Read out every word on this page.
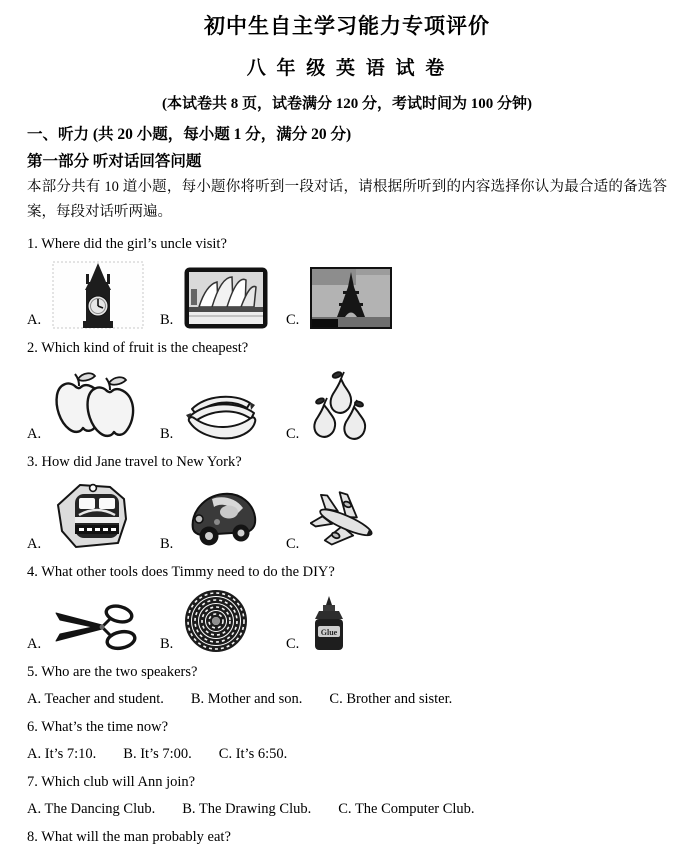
初中生自主学习能力专项评价
八 年 级 英 语 试 卷
(本试卷共 8 页，试卷满分 120 分，考试时间为 100 分钟)
一、听力 (共 20 小题，每小题 1 分，满分 20 分)
第一部分 听对话回答问题
本部分共有 10 道小题，每小题你将听到一段对话，请根据所听到的内容选择你认为最合适的备选答案，每段对话听两遍。
1. Where did the girl’s uncle visit?
A.	B.	C.
2. Which kind of fruit is the cheapest?
A.	B.	C.
3. How did Jane travel to New York?
A.	B.	C.
4. What other tools does Timmy need to do the DIY?
A.	B.	C.
Glue
5. Who are the two speakers?
A. Teacher and student. B. Mother and son. C. Brother and sister.
6. What’s the time now?
A. It’s 7:10. B. It’s 7:00. C. It’s 6:50.
7. Which club will Ann join?
A. The Dancing Club. B. The Drawing Club. C. The Computer Club.
8. What will the man probably eat?
